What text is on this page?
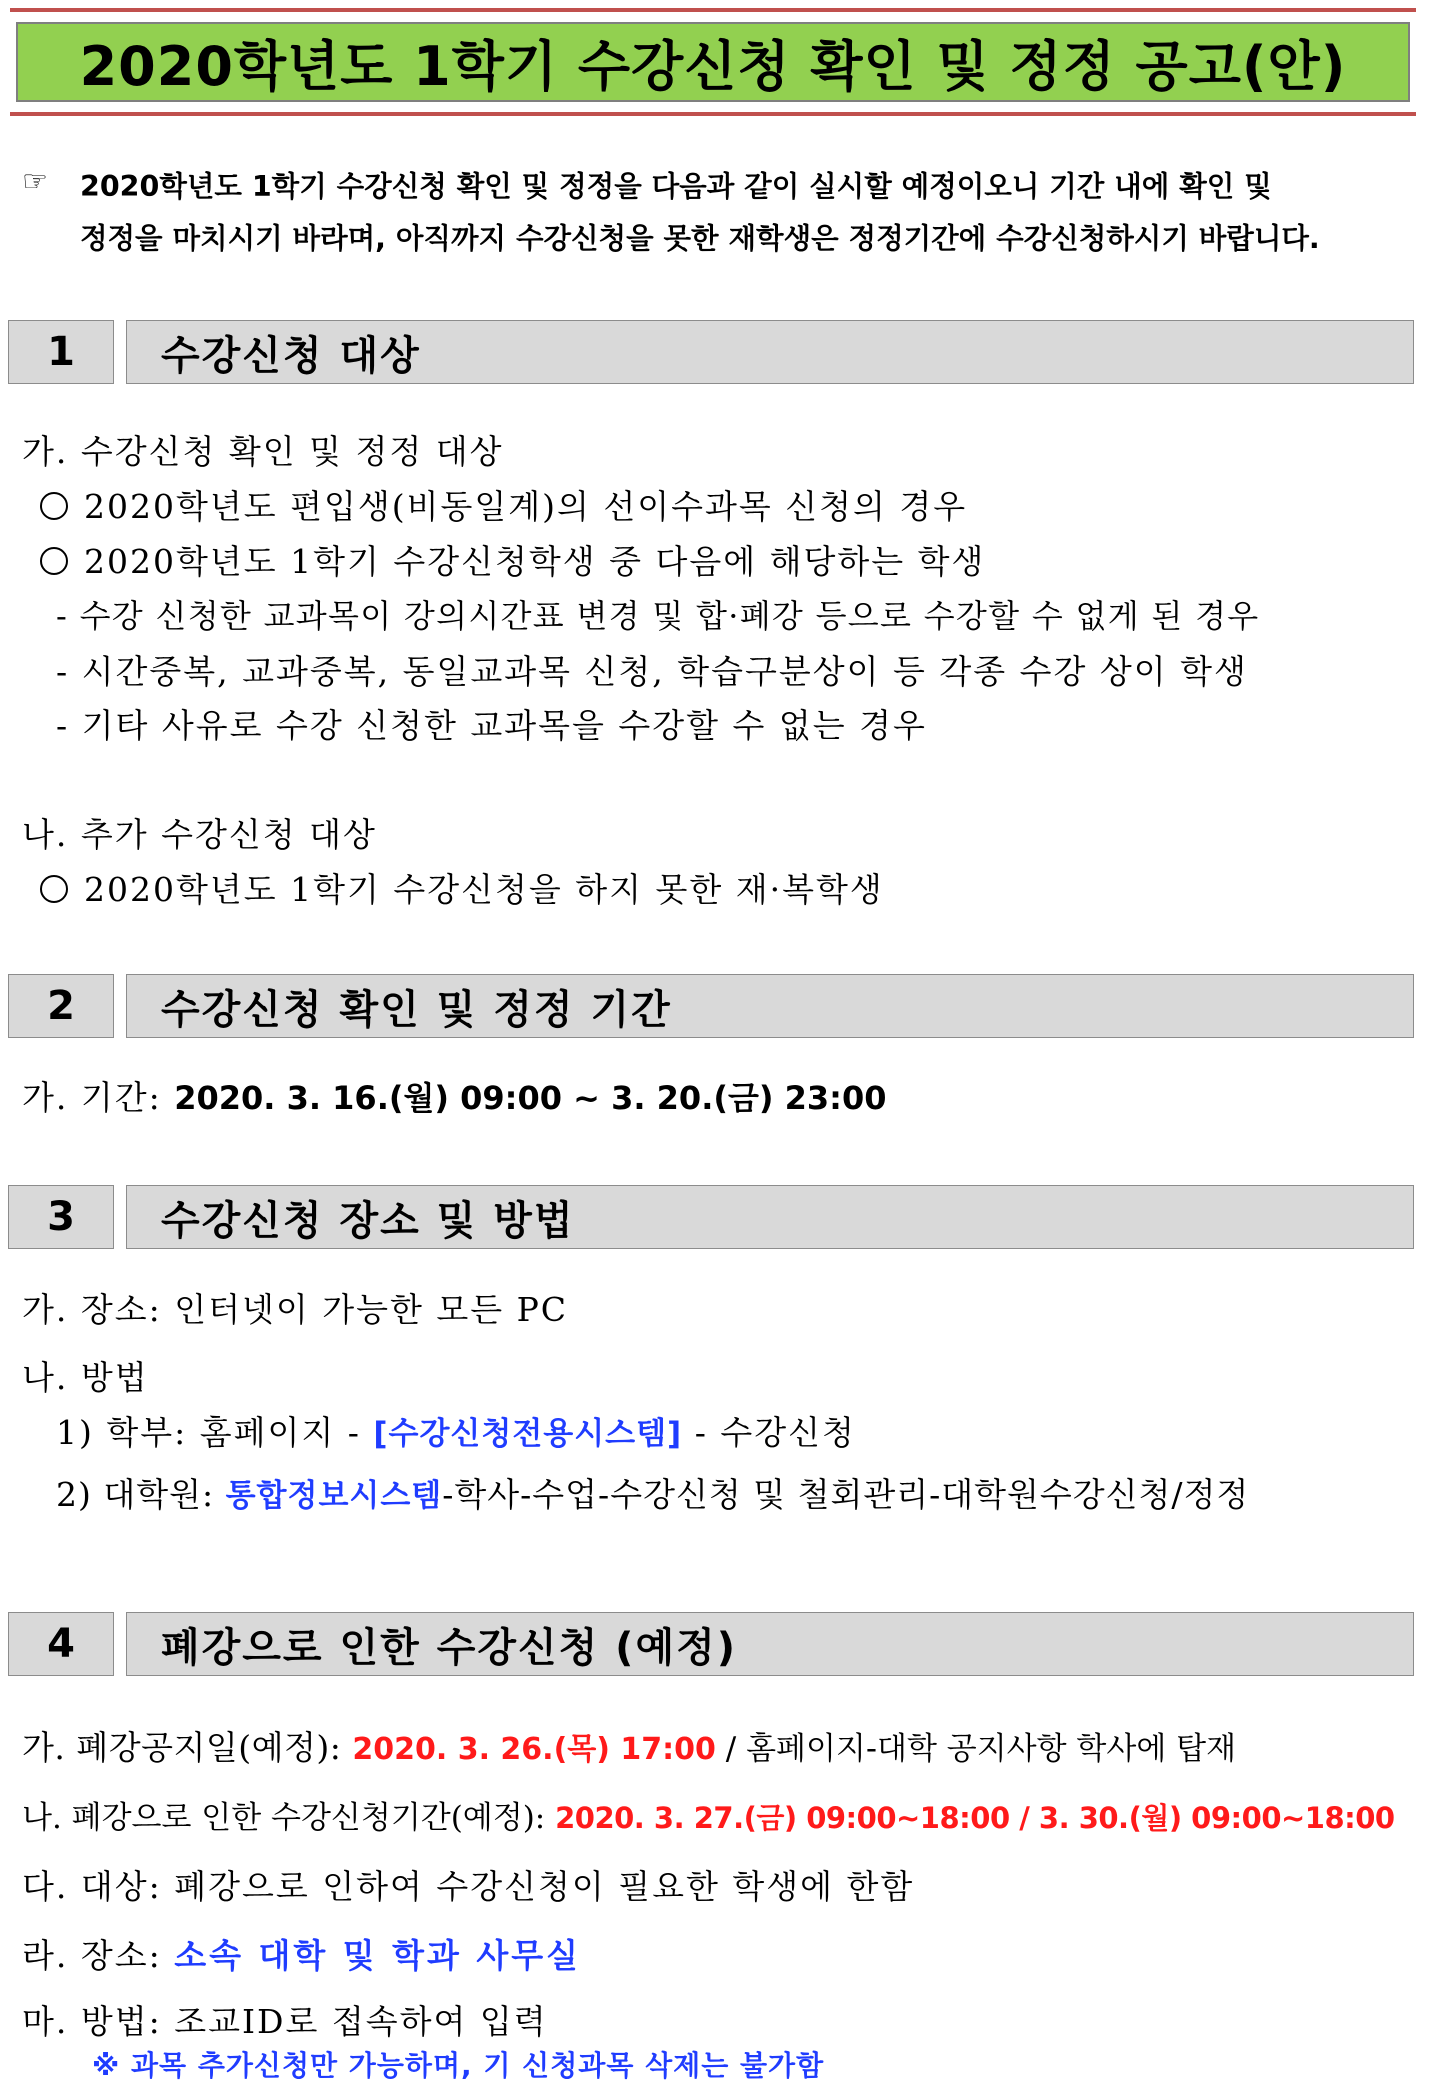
2020학년도 1학기 수강신청 확인 및 정정 공고(안)
☞ 2020학년도 1학기 수강신청 확인 및 정정을 다음과 같이 실시할 예정이오니 기간 내에 확인 및
정정을 마치시기 바라며, 아직까지 수강신청을 못한 재학생은 정정기간에 수강신청하시기 바랍니다.
1	수강신청 대상
가. 수강신청 확인 및 정정 대상
2020학년도 편입생(비동일계)의 선이수과목 신청의 경우
2020학년도 1학기 수강신청학생 중 다음에 해당하는 학생
- 수강 신청한 교과목이 강의시간표 변경 및 합·폐강 등으로 수강할 수 없게 된 경우
- 시간중복, 교과중복, 동일교과목 신청, 학습구분상이 등 각종 수강 상이 학생
- 기타 사유로 수강 신청한 교과목을 수강할 수 없는 경우
나. 추가 수강신청 대상
2020학년도 1학기 수강신청을 하지 못한 재·복학생
2	수강신청 확인 및 정정 기간
가. 기간: 2020. 3. 16.(월) 09:00 ~ 3. 20.(금) 23:00
3	수강신청 장소 및 방법
가. 장소: 인터넷이 가능한 모든 PC
나. 방법
1) 학부: 홈페이지 - [수강신청전용시스템] - 수강신청
2) 대학원: 통합정보시스템-학사-수업-수강신청 및 철회관리-대학원수강신청/정정
4	폐강으로 인한 수강신청 (예정)
가. 폐강공지일(예정): 2020. 3. 26.(목) 17:00 / 홈페이지-대학 공지사항 학사에 탑재
나. 폐강으로 인한 수강신청기간(예정): 2020. 3. 27.(금) 09:00~18:00 / 3. 30.(월) 09:00~18:00
다. 대상: 폐강으로 인하여 수강신청이 필요한 학생에 한함
라. 장소: 소속 대학 및 학과 사무실
마. 방법: 조교ID로 접속하여 입력
※ 과목 추가신청만 가능하며, 기 신청과목 삭제는 불가함
